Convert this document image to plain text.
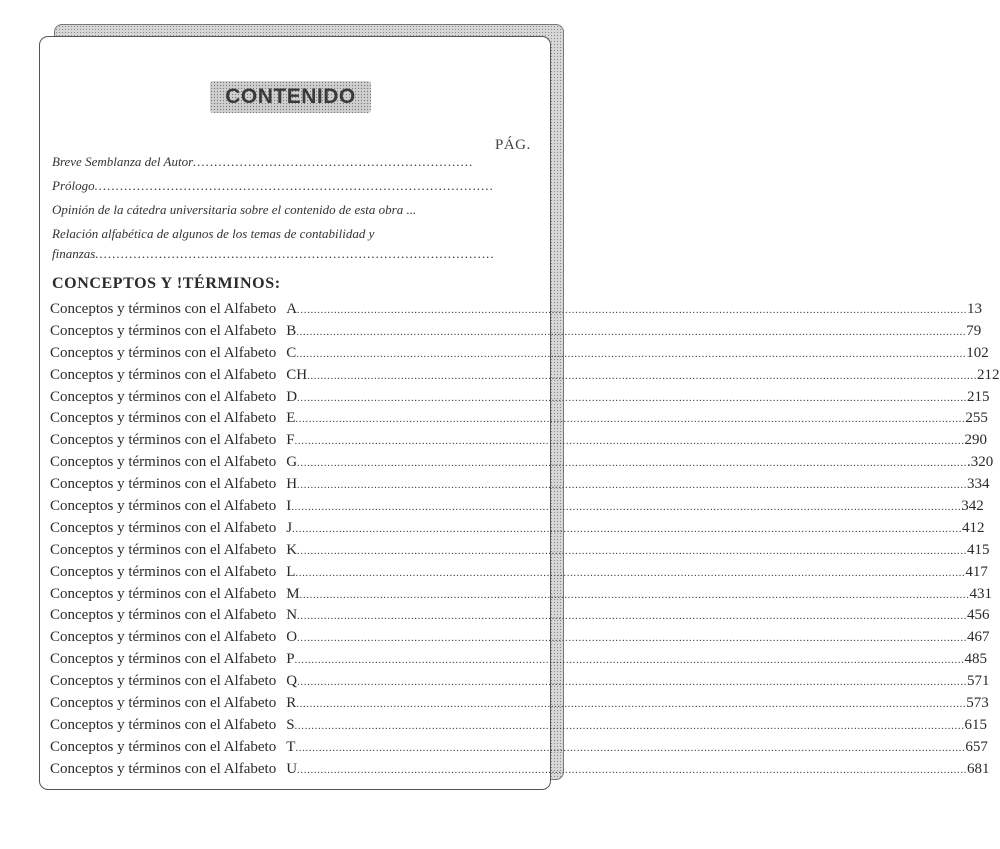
CONTENIDO
PÁG.
Breve Semblanza del Autor ..................................................................
Prólogo ..............................................................................................
Opinión de la cátedra universitaria sobre el contenido de esta obra ...
Relación alfabética de algunos de los temas de contabilidad y
finanzas ..............................................................................................
CONCEPTOS Y !TÉRMINOS:
Conceptos y términos con el Alfabeto A ........................................................................................................................................................................................................ 13
Conceptos y términos con el Alfabeto B ........................................................................................................................................................................................................ 79
Conceptos y términos con el Alfabeto C ........................................................................................................................................................................................................ 102
Conceptos y términos con el Alfabeto CH ........................................................................................................................................................................................................ 212
Conceptos y términos con el Alfabeto D ........................................................................................................................................................................................................ 215
Conceptos y términos con el Alfabeto E ........................................................................................................................................................................................................ 255
Conceptos y términos con el Alfabeto F ........................................................................................................................................................................................................ 290
Conceptos y términos con el Alfabeto G ........................................................................................................................................................................................................ .320
Conceptos y términos con el Alfabeto H ........................................................................................................................................................................................................ 334
Conceptos y términos con el Alfabeto I ........................................................................................................................................................................................................ 342
Conceptos y términos con el Alfabeto J ........................................................................................................................................................................................................ 412
Conceptos y términos con el Alfabeto K ........................................................................................................................................................................................................ 415
Conceptos y términos con el Alfabeto L ........................................................................................................................................................................................................ 417
Conceptos y términos con el Alfabeto M ........................................................................................................................................................................................................ 431
Conceptos y términos con el Alfabeto N ........................................................................................................................................................................................................ 456
Conceptos y términos con el Alfabeto O ........................................................................................................................................................................................................ 467
Conceptos y términos con el Alfabeto P ........................................................................................................................................................................................................ 485
Conceptos y términos con el Alfabeto Q ........................................................................................................................................................................................................ 571
Conceptos y términos con el Alfabeto R ........................................................................................................................................................................................................ 573
Conceptos y términos con el Alfabeto S ........................................................................................................................................................................................................ 615
Conceptos y términos con el Alfabeto T ........................................................................................................................................................................................................ 657
Conceptos y términos con el Alfabeto U ........................................................................................................................................................................................................ 681
